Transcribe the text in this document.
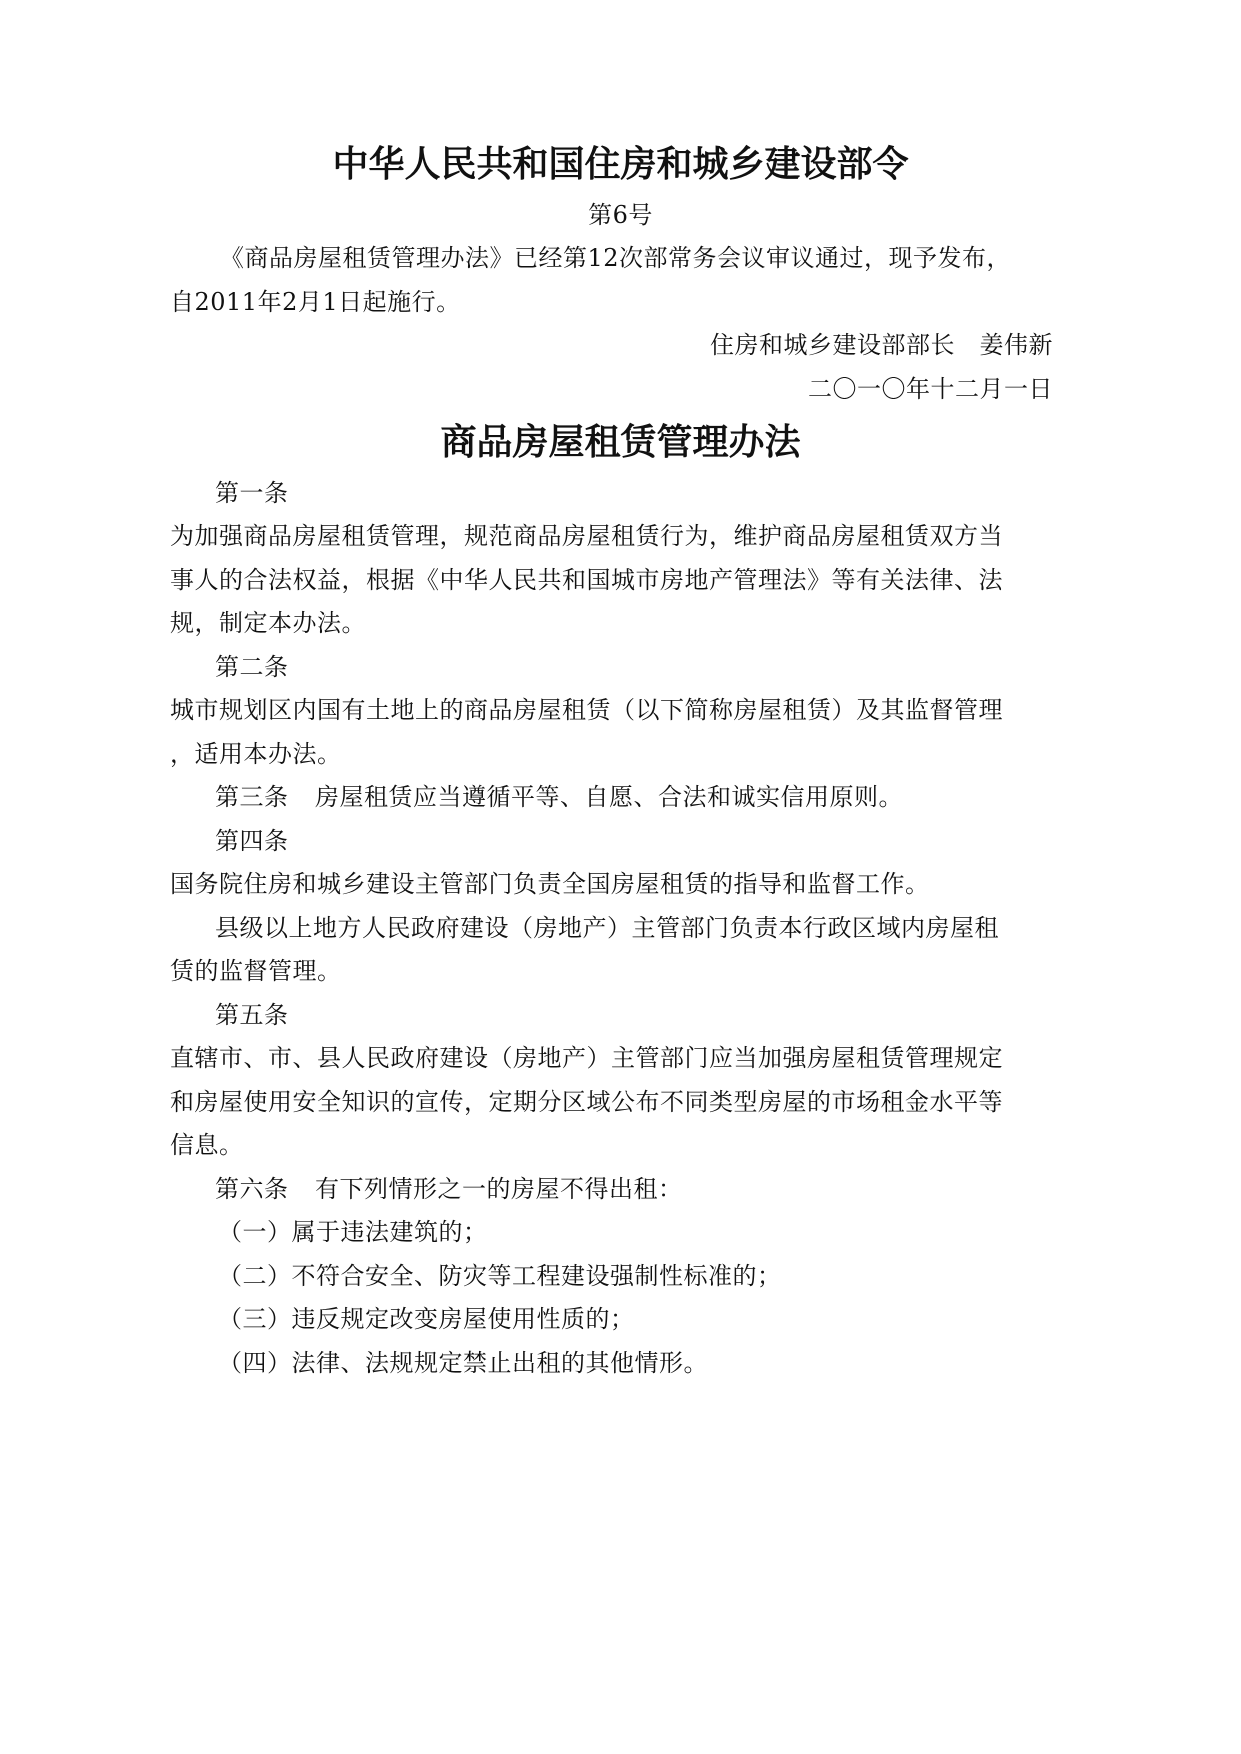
中华人民共和国住房和城乡建设部令
第6号
《商品房屋租赁管理办法》已经第12次部常务会议审议通过，现予发布，
自2011年2月1日起施行。
住房和城乡建设部部长　姜伟新
二〇一〇年十二月一日
商品房屋租赁管理办法
第一条
为加强商品房屋租赁管理，规范商品房屋租赁行为，维护商品房屋租赁双方当
事人的合法权益，根据《中华人民共和国城市房地产管理法》等有关法律、法
规，制定本办法。
第二条
城市规划区内国有土地上的商品房屋租赁（以下简称房屋租赁）及其监督管理
，适用本办法。
第三条 房屋租赁应当遵循平等、自愿、合法和诚实信用原则。
第四条
国务院住房和城乡建设主管部门负责全国房屋租赁的指导和监督工作。
县级以上地方人民政府建设（房地产）主管部门负责本行政区域内房屋租
赁的监督管理。
第五条
直辖市、市、县人民政府建设（房地产）主管部门应当加强房屋租赁管理规定
和房屋使用安全知识的宣传，定期分区域公布不同类型房屋的市场租金水平等
信息。
第六条 有下列情形之一的房屋不得出租：
（一）属于违法建筑的；
（二）不符合安全、防灾等工程建设强制性标准的；
（三）违反规定改变房屋使用性质的；
（四）法律、法规规定禁止出租的其他情形。
